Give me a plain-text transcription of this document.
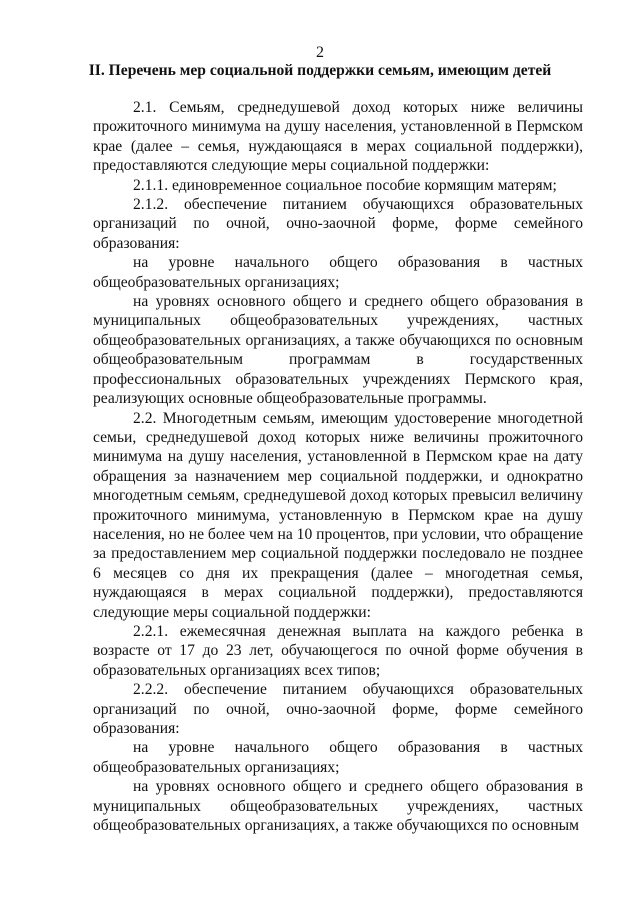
2
II. Перечень мер социальной поддержки семьям, имеющим детей

2.1. Семьям, среднедушевой доход которых ниже величины прожиточного минимума на душу населения, установленной в Пермском крае (далее – семья, нуждающаяся в мерах социальной поддержки), предоставляются следующие меры социальной поддержки:

2.1.1. единовременное социальное пособие кормящим матерям;

2.1.2. обеспечение питанием обучающихся образовательных организаций по очной, очно-заочной форме, форме семейного образования:

на уровне начального общего образования в частных общеобразовательных организациях;

на уровнях основного общего и среднего общего образования в муниципальных общеобразовательных учреждениях, частных общеобразовательных организациях, а также обучающихся по основным общеобразовательным программам в государственных профессиональных образовательных учреждениях Пермского края, реализующих основные общеобразовательные программы.

2.2. Многодетным семьям, имеющим удостоверение многодетной семьи, среднедушевой доход которых ниже величины прожиточного минимума на душу населения, установленной в Пермском крае на дату обращения за назначением мер социальной поддержки, и однократно многодетным семьям, среднедушевой доход которых превысил величину прожиточного минимума, установленную в Пермском крае на душу населения, но не более чем на 10 процентов, при условии, что обращение за предоставлением мер социальной поддержки последовало не позднее 6 месяцев со дня их прекращения (далее – многодетная семья, нуждающаяся в мерах социальной поддержки), предоставляются следующие меры социальной поддержки:

2.2.1. ежемесячная денежная выплата на каждого ребенка в возрасте от 17 до 23 лет, обучающегося по очной форме обучения в образовательных организациях всех типов;

2.2.2. обеспечение питанием обучающихся образовательных организаций по очной, очно-заочной форме, форме семейного образования:

на уровне начального общего образования в частных общеобразовательных организациях;

на уровнях основного общего и среднего общего образования в муниципальных общеобразовательных учреждениях, частных общеобразовательных организациях, а также обучающихся по основным
